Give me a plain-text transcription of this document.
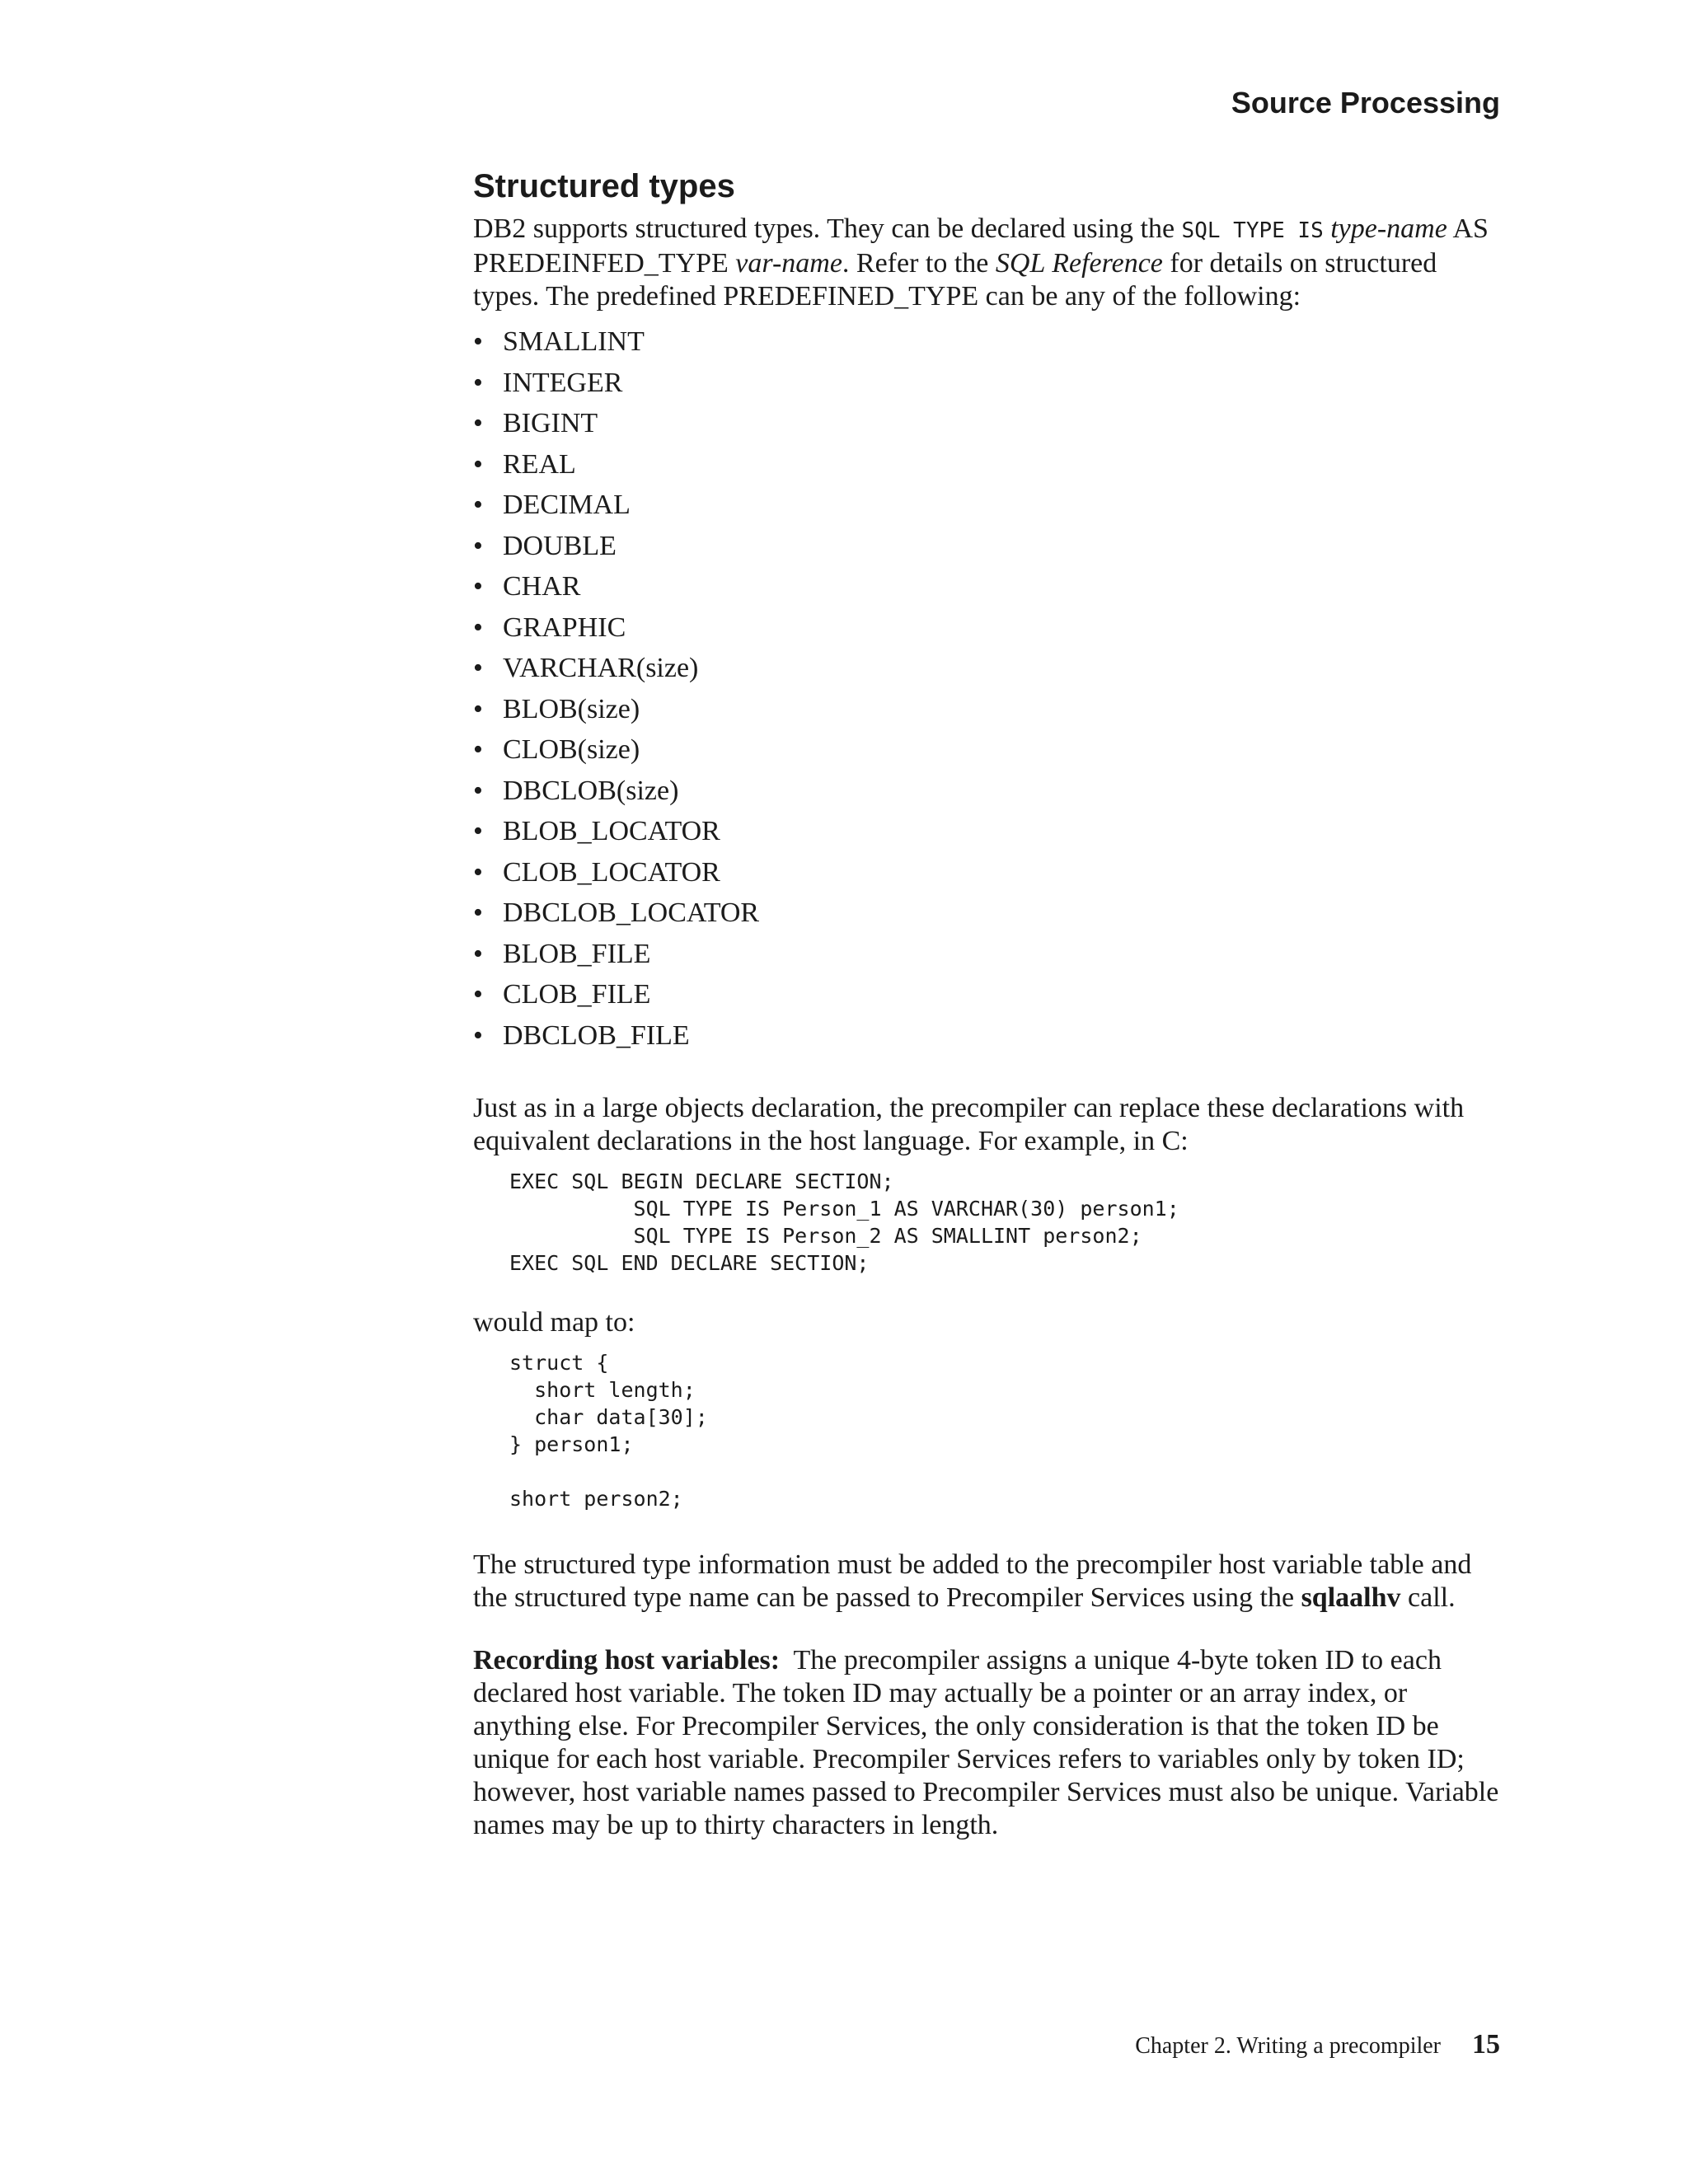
Source Processing
Structured types

DB2 supports structured types. They can be declared using the SQL TYPE IS type-name AS PREDEINFED_TYPE var-name. Refer to the SQL Reference for details on structured types. The predefined PREDEFINED_TYPE can be any of the following:

• SMALLINT
• INTEGER
• BIGINT
• REAL
• DECIMAL
• DOUBLE
• CHAR
• GRAPHIC
• VARCHAR(size)
• BLOB(size)
• CLOB(size)
• DBCLOB(size)
• BLOB_LOCATOR
• CLOB_LOCATOR
• DBCLOB_LOCATOR
• BLOB_FILE
• CLOB_FILE
• DBCLOB_FILE

Just as in a large objects declaration, the precompiler can replace these declarations with equivalent declarations in the host language. For example, in C:

EXEC SQL BEGIN DECLARE SECTION;
SQL TYPE IS Person_1 AS VARCHAR(30) person1;
SQL TYPE IS Person_2 AS SMALLINT person2;
EXEC SQL END DECLARE SECTION;

would map to:

struct {
short length;
char data[30];
} person1;

short person2;

The structured type information must be added to the precompiler host variable table and the structured type name can be passed to Precompiler Services using the sqlaalhv call.

Recording host variables:  The precompiler assigns a unique 4-byte token ID to each declared host variable. The token ID may actually be a pointer or an array index, or anything else. For Precompiler Services, the only consideration is that the token ID be unique for each host variable. Precompiler Services refers to variables only by token ID; however, host variable names passed to Precompiler Services must also be unique. Variable names may be up to thirty characters in length.

Chapter 2. Writing a precompiler 15
